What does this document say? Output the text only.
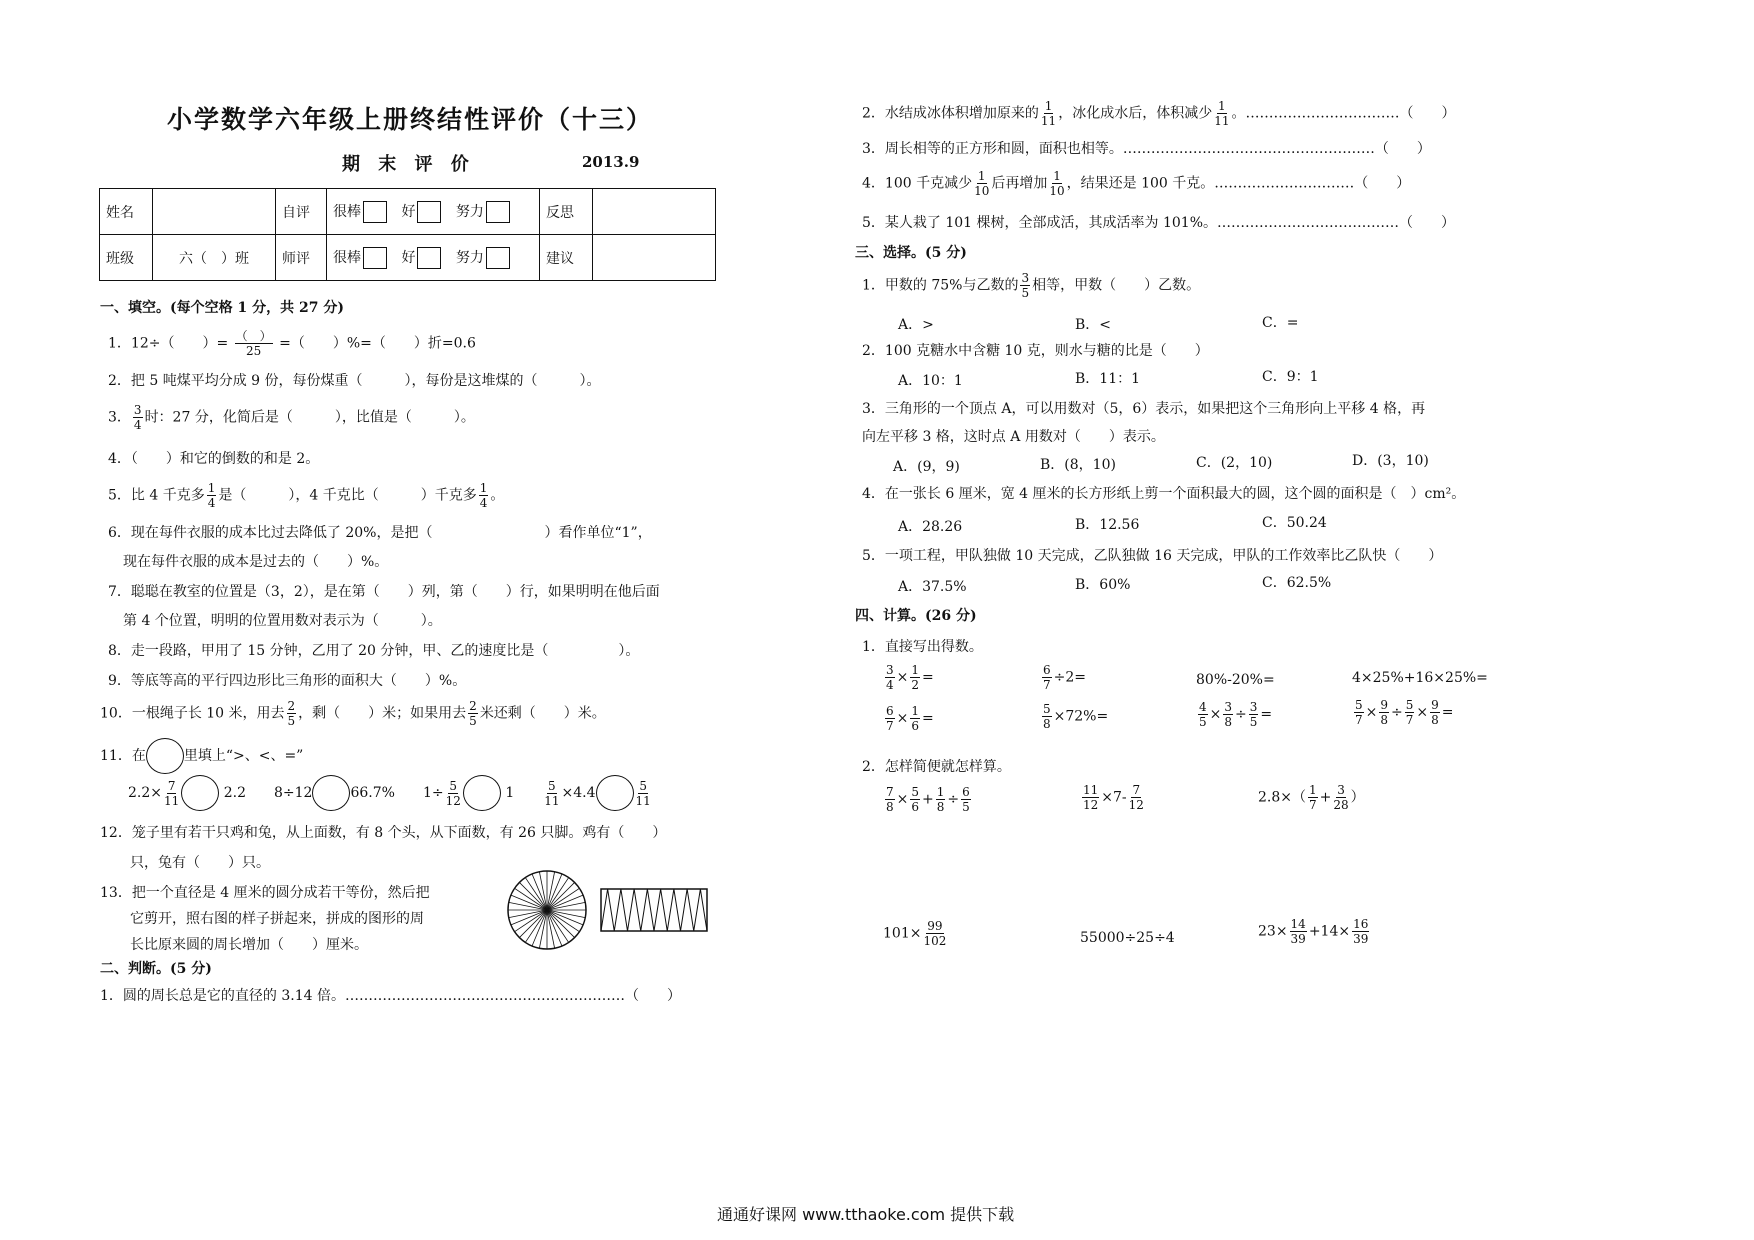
小学数学六年级上册终结性评价（十三）
期 末 评 价	2013.9
姓名		自评	很棒 好 努力	反思	
班级	六（　）班	师评	很棒 好 努力	建议	
一、填空。(每个空格 1 分，共 27 分)
1．12÷（　　）= $\frac{( )}{25}$ =（　　）%=（　　）折=0.6
2．把 5 吨煤平均分成 9 份，每份煤重（　　　），每份是这堆煤的（　　　）。
3． $\frac{3}{4}$ 时：27 分，化简后是（　　　），比值是（　　　）。
4．（　　）和它的倒数的和是 2。
5．比 4 千克多 $\frac{1}{4}$ 是（　　　），4 千克比（　　　）千克多 $\frac{1}{4}$ 。
6．现在每件衣服的成本比过去降低了 20%，是把（　　　　　　　　）看作单位“1”，
现在每件衣服的成本是过去的（　　）%。
7．聪聪在教室的位置是（3，2），是在第（　　）列，第（　　）行，如果明明在他后面
第 4 个位置，明明的位置用数对表示为（　　　）。
8．走一段路，甲用了 15 分钟，乙用了 20 分钟，甲、乙的速度比是（　　　　　）。
9．等底等高的平行四边形比三角形的面积大（　　）%。
10．一根绳子长 10 米，用去 $\frac{2}{5}$ ，剩（　　）米；如果用去 $\frac{2}{5}$ 米还剩（　　）米。
11．在	里填上“>、<、=”
$2.2\times \frac{7}{11}$	2.2 8÷12	66.7% $1\div \frac{5}{12}$	1	$\frac{5}{11} \times 4.4$	$\frac{5}{11}$
12．笼子里有若干只鸡和兔，从上面数，有 8 个头，从下面数，有 26 只脚。鸡有（　　）
只，兔有（　　）只。
13．把一个直径是 4 厘米的圆分成若干等份，然后把
它剪开，照右图的样子拼起来，拼成的图形的周
长比原来圆的周长增加（　　）厘米。
二、判断。(5 分)
1．圆的周长总是它的直径的 3.14 倍。……………………………………………………（　　）
2．水结成冰体积增加原来的 $\frac{1}{11}$ ，冰化成水后，体积减少 $\frac{1}{11}$ 。……………………………（　　）
3．周长相等的正方形和圆，面积也相等。………………………………………………（　　）
4．100 千克减少 $\frac{1}{10}$ 后再增加 $\frac{1}{10}$ ，结果还是 100 千克。…………………………（　　）
5．某人栽了 101 棵树，全部成活，其成活率为 101%。…………………………………（　　）
三、选择。(5 分)
1．甲数的 75%与乙数的 $\frac{3}{5}$ 相等，甲数（　　）乙数。
A．>	B．<	C．=
2．100 克糖水中含糖 10 克，则水与糖的比是（　　）
A．10：1	B．11：1	C．9：1
3．三角形的一个顶点 A，可以用数对（5，6）表示，如果把这个三角形向上平移 4 格，再
向左平移 3 格，这时点 A 用数对（　　）表示。
A．(9，9)	B．(8，10)	C．(2，10)	D．(3，10)
4．在一张长 6 厘米，宽 4 厘米的长方形纸上剪一个面积最大的圆，这个圆的面积是（　）cm²。
A．28.26	B．12.56	C．50.24
5．一项工程，甲队独做 10 天完成，乙队独做 16 天完成，甲队的工作效率比乙队快（　　）
A．37.5%	B．60%	C．62.5%
四、计算。(26 分)
1．直接写出得数。
$\frac{3}{4} \times \frac{1}{2}$ =	$\frac{6}{7} \div 2=$	80%-20%=	4×25%+16×25%=
$\frac{6}{7} \times \frac{1}{6}$ =	$\frac{5}{8} \times 72\%=$	$\frac{4}{5} \times \frac{3}{8} \div \frac{3}{5}$ =	$\frac{5}{7} \times \frac{9}{8} \div \frac{5}{7} \times \frac{9}{8}$ =
2．怎样简便就怎样算。
$\frac{7}{8} \times \frac{5}{6} + \frac{1}{8} \div \frac{6}{5}$	$\frac{11}{12} \times 7- \frac{7}{12}$	$2.8\times( \frac{1}{7} + \frac{3}{28}$ ）
$101\times \frac{99}{102}$	55000÷25÷4	$23\times \frac{14}{39} +14\times \frac{16}{39}$
通通好课网 www.tthaoke.com 提供下载
